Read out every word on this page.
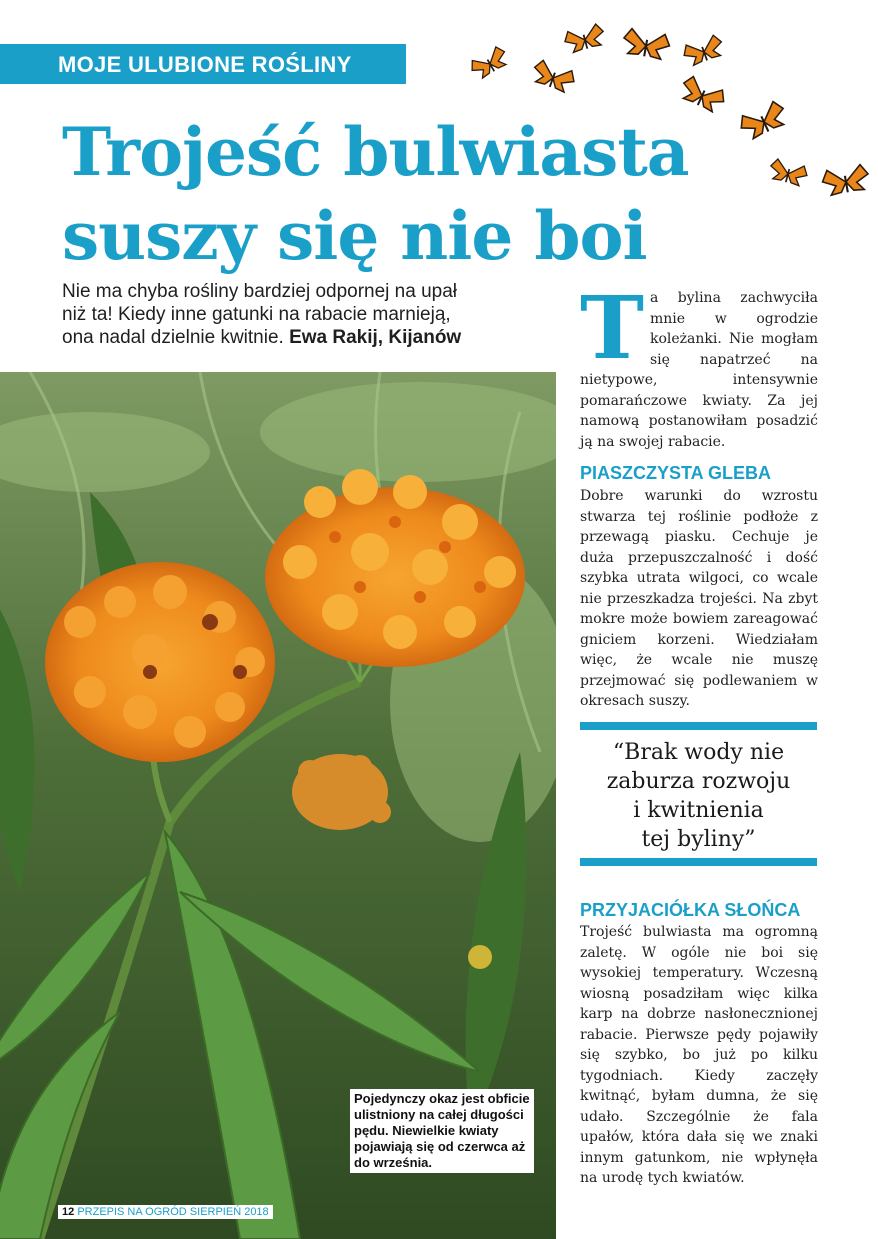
MOJE ULUBIONE ROŚLINY
Trojeść bulwiasta
suszy się nie boi

Nie ma chyba rośliny bardziej odpornej na upał
niż ta! Kiedy inne gatunki na rabacie marnieją,
ona nadal dzielnie kwitnie. Ewa Rakij, Kijanów

Pojedynczy okaz jest obficie ulistniony na całej długości pędu. Niewielkie kwiaty pojawiają się od czerwca aż do września.
12 PRZEPIS NA OGRÓD SIERPIEŃ 2018
T a bylina zachwyciła mnie w ogrodzie koleżanki. Nie mogłam się napatrzeć na nietypowe, intensywnie pomarańczowe kwiaty. Za jej namową postanowiłam posadzić ją na swojej rabacie.
PIASZCZYSTA GLEBA
Dobre warunki do wzrostu stwarza tej roślinie podłoże z przewagą piasku. Cechuje je duża przepuszczalność i dość szybka utrata wilgoci, co wcale nie przeszkadza trojeści. Na zbyt mokre może bowiem zareagować gniciem korzeni. Wiedziałam więc, że wcale nie muszę przejmować się podlewaniem w okresach suszy.
“Brak wody nie
zaburza rozwoju
i kwitnienia
tej byliny”
PRZYJACIÓŁKA SŁOŃCA
Trojeść bulwiasta ma ogromną zaletę. W ogóle nie boi się wysokiej temperatury. Wczesną wiosną posadziłam więc kilka karp na dobrze nasłonecznionej rabacie. Pierwsze pędy pojawiły się szybko, bo już po kilku tygodniach. Kiedy zaczęły kwitnąć, byłam dumna, że się udało. Szczególnie że fala upałów, która dała się we znaki innym gatunkom, nie wpłynęła na urodę tych kwiatów.
